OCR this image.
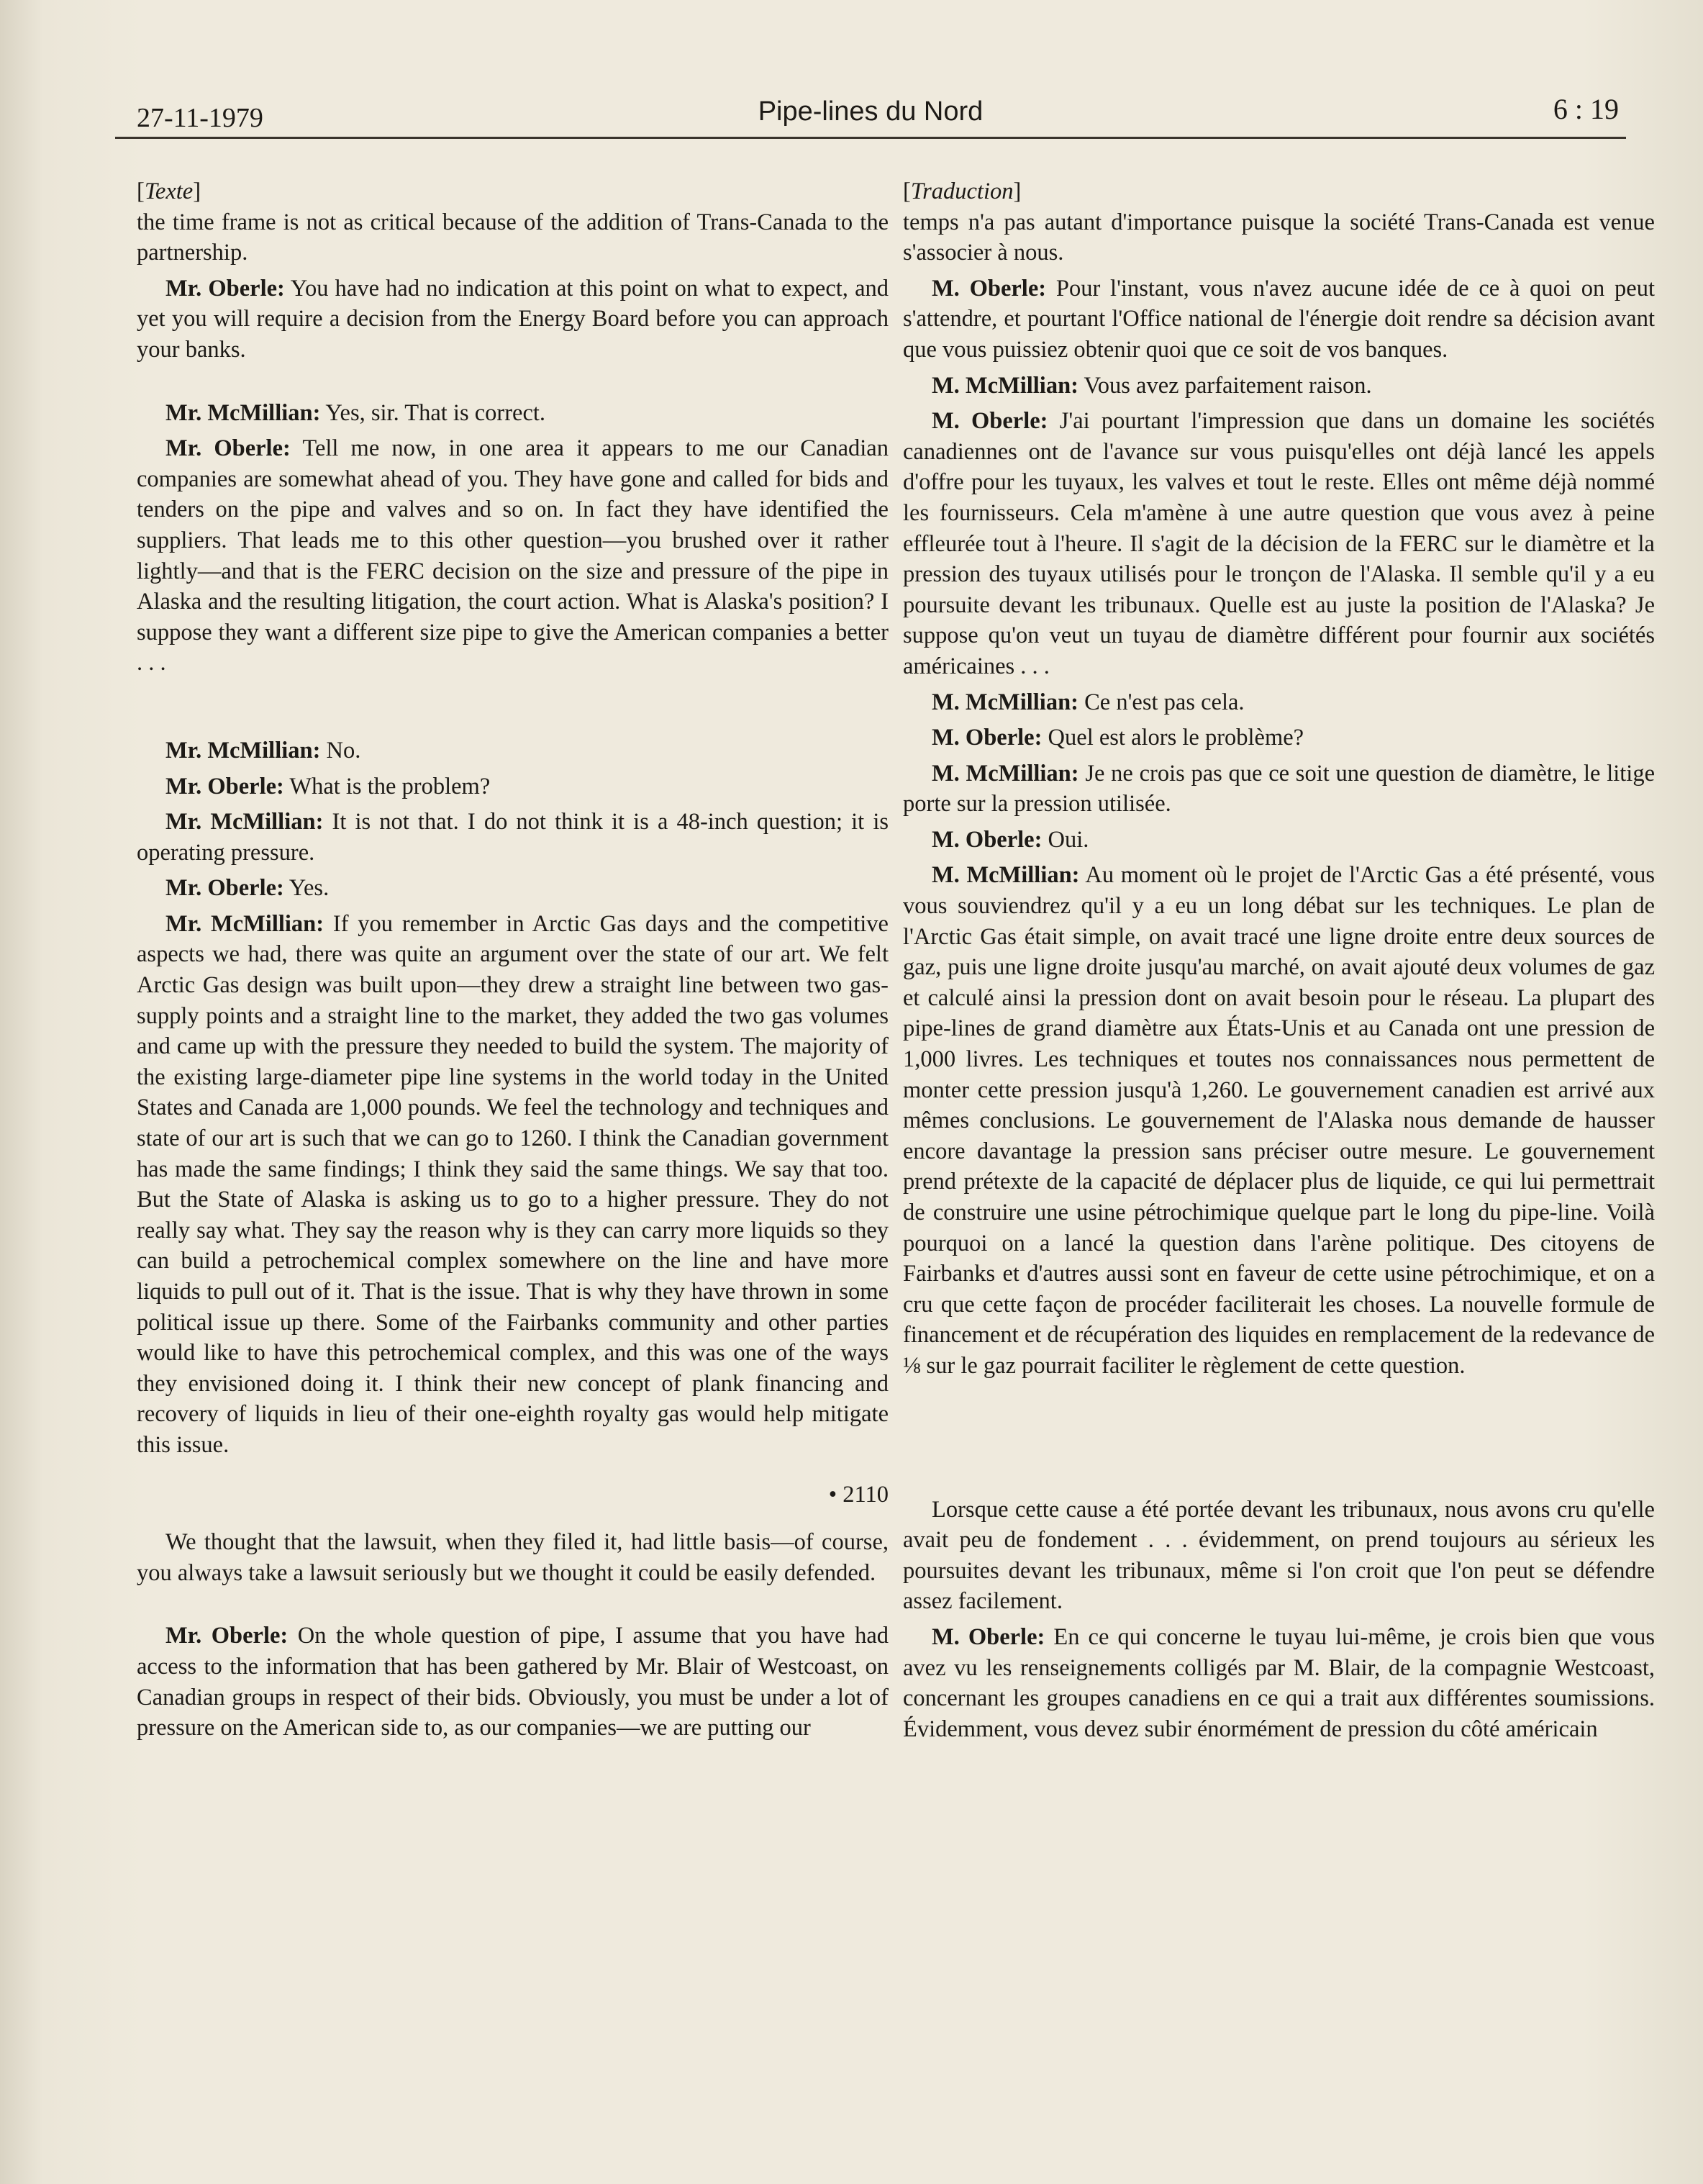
27-11-1979	Pipe-lines du Nord	6 : 19

[ Texte ]

the time frame is not as critical because of the addition of Trans-Canada to the partnership.

Mr. Oberle: You have had no indication at this point on what to expect, and yet you will require a decision from the Energy Board before you can approach your banks.

Mr. McMillian: Yes, sir. That is correct.

Mr. Oberle: Tell me now, in one area it appears to me our Canadian companies are somewhat ahead of you. They have gone and called for bids and tenders on the pipe and valves and so on. In fact they have identified the suppliers. That leads me to this other question—you brushed over it rather lightly—and that is the FERC decision on the size and pressure of the pipe in Alaska and the resulting litigation, the court action. What is Alaska's position? I suppose they want a different size pipe to give the American companies a better . . .

Mr. McMillian: No.

Mr. Oberle: What is the problem?

Mr. McMillian: It is not that. I do not think it is a 48-inch question; it is operating pressure.

Mr. Oberle: Yes.

Mr. McMillian: If you remember in Arctic Gas days and the competitive aspects we had, there was quite an argument over the state of our art. We felt Arctic Gas design was built upon—they drew a straight line between two gas-supply points and a straight line to the market, they added the two gas volumes and came up with the pressure they needed to build the system. The majority of the existing large-diameter pipe line systems in the world today in the United States and Canada are 1,000 pounds. We feel the technology and techniques and state of our art is such that we can go to 1260. I think the Canadian government has made the same findings; I think they said the same things. We say that too. But the State of Alaska is asking us to go to a higher pressure. They do not really say what. They say the reason why is they can carry more liquids so they can build a petrochemical complex somewhere on the line and have more liquids to pull out of it. That is the issue. That is why they have thrown in some political issue up there. Some of the Fairbanks community and other parties would like to have this petrochemical complex, and this was one of the ways they envisioned doing it. I think their new concept of plank financing and recovery of liquids in lieu of their one-eighth royalty gas would help mitigate this issue.

• 2110

We thought that the lawsuit, when they filed it, had little basis—of course, you always take a lawsuit seriously but we thought it could be easily defended.

Mr. Oberle: On the whole question of pipe, I assume that you have had access to the information that has been gathered by Mr. Blair of Westcoast, on Canadian groups in respect of their bids. Obviously, you must be under a lot of pressure on the American side to, as our companies—we are putting our

[ Traduction ]

temps n'a pas autant d'importance puisque la société Trans-Canada est venue s'associer à nous.

M. Oberle: Pour l'instant, vous n'avez aucune idée de ce à quoi on peut s'attendre, et pourtant l'Office national de l'énergie doit rendre sa décision avant que vous puissiez obtenir quoi que ce soit de vos banques.

M. McMillian: Vous avez parfaitement raison.

M. Oberle: J'ai pourtant l'impression que dans un domaine les sociétés canadiennes ont de l'avance sur vous puisqu'elles ont déjà lancé les appels d'offre pour les tuyaux, les valves et tout le reste. Elles ont même déjà nommé les fournisseurs. Cela m'amène à une autre question que vous avez à peine effleurée tout à l'heure. Il s'agit de la décision de la FERC sur le diamètre et la pression des tuyaux utilisés pour le tronçon de l'Alaska. Il semble qu'il y a eu poursuite devant les tribunaux. Quelle est au juste la position de l'Alaska? Je suppose qu'on veut un tuyau de diamètre différent pour fournir aux sociétés américaines . . .

M. McMillian: Ce n'est pas cela.

M. Oberle: Quel est alors le problème?

M. McMillian: Je ne crois pas que ce soit une question de diamètre, le litige porte sur la pression utilisée.

M. Oberle: Oui.

M. McMillian: Au moment où le projet de l'Arctic Gas a été présenté, vous vous souviendrez qu'il y a eu un long débat sur les techniques. Le plan de l'Arctic Gas était simple, on avait tracé une ligne droite entre deux sources de gaz, puis une ligne droite jusqu'au marché, on avait ajouté deux volumes de gaz et calculé ainsi la pression dont on avait besoin pour le réseau. La plupart des pipe-lines de grand diamètre aux États-Unis et au Canada ont une pression de 1,000 livres. Les techniques et toutes nos connaissances nous permettent de monter cette pression jusqu'à 1,260. Le gouvernement canadien est arrivé aux mêmes conclusions. Le gouvernement de l'Alaska nous demande de hausser encore davantage la pression sans préciser outre mesure. Le gouvernement prend prétexte de la capacité de déplacer plus de liquide, ce qui lui permettrait de construire une usine pétrochimique quelque part le long du pipe-line. Voilà pourquoi on a lancé la question dans l'arène politique. Des citoyens de Fairbanks et d'autres aussi sont en faveur de cette usine pétrochimique, et on a cru que cette façon de procéder faciliterait les choses. La nouvelle formule de financement et de récupération des liquides en remplacement de la redevance de ⅛ sur le gaz pourrait faciliter le règlement de cette question.

Lorsque cette cause a été portée devant les tribunaux, nous avons cru qu'elle avait peu de fondement . . . évidemment, on prend toujours au sérieux les poursuites devant les tribunaux, même si l'on croit que l'on peut se défendre assez facilement.

M. Oberle: En ce qui concerne le tuyau lui-même, je crois bien que vous avez vu les renseignements colligés par M. Blair, de la compagnie Westcoast, concernant les groupes canadiens en ce qui a trait aux différentes soumissions. Évidemment, vous devez subir énormément de pression du côté américain
